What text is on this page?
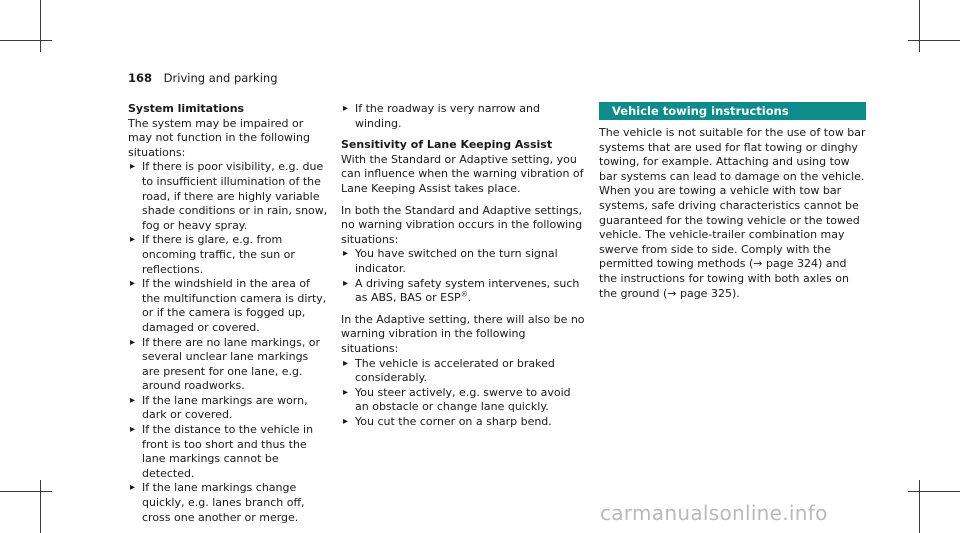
168 Driving and parking
System limitations

The system may be impaired or may not function in the following situations:

▸ If there is poor visibility, e.g. due to insufficient illumination of the road, if there are highly variable shade conditions or in rain, snow, fog or heavy spray.
▸ If there is glare, e.g. from oncoming traffic, the sun or reflections.
▸ If the windshield in the area of the multifunction camera is dirty, or if the camera is fogged up, damaged or covered.
▸ If there are no lane markings, or several unclear lane markings are present for one lane, e.g. around roadworks.
▸ If the lane markings are worn, dark or covered.
▸ If the distance to the vehicle in front is too short and thus the lane markings cannot be detected.
▸ If the lane markings change quickly, e.g. lanes branch off, cross one another or merge.
▸ If the roadway is very narrow and winding.
Sensitivity of Lane Keeping Assist

With the Standard or Adaptive setting, you can influence when the warning vibration of Lane Keeping Assist takes place.

In both the Standard and Adaptive settings, no warning vibration occurs in the following situations:

▸ You have switched on the turn signal indicator.
▸ A driving safety system intervenes, such as ABS, BAS or ESP®.

In the Adaptive setting, there will also be no warning vibration in the following situations:

▸ The vehicle is accelerated or braked considerably.
▸ You steer actively, e.g. swerve to avoid an obstacle or change lane quickly.
▸ You cut the corner on a sharp bend.
Vehicle towing instructions

The vehicle is not suitable for the use of tow bar systems that are used for flat towing or dinghy towing, for example. Attaching and using tow bar systems can lead to damage on the vehicle. When you are towing a vehicle with tow bar systems, safe driving characteristics cannot be guaranteed for the towing vehicle or the towed vehicle. The vehicle-trailer combination may swerve from side to side. Comply with the permitted towing methods (→ page 324) and the instructions for towing with both axles on the ground (→ page 325).

carmanualsonline.info
